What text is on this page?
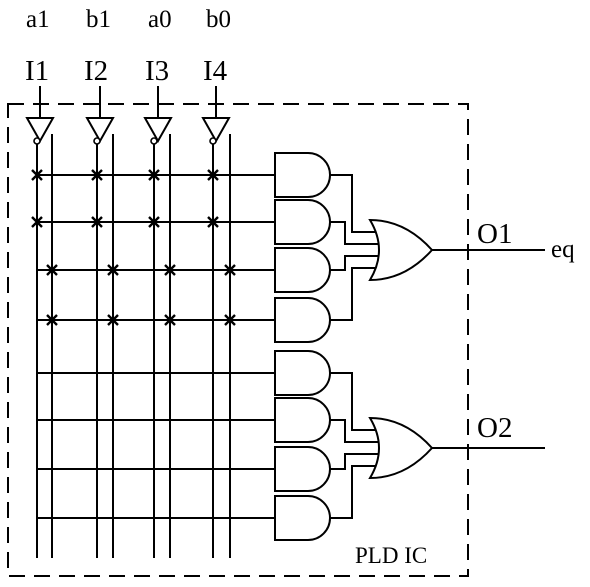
a1 b1 a0 b0
I1 I2 I3 I4
O1
O2
eq
PLD IC
